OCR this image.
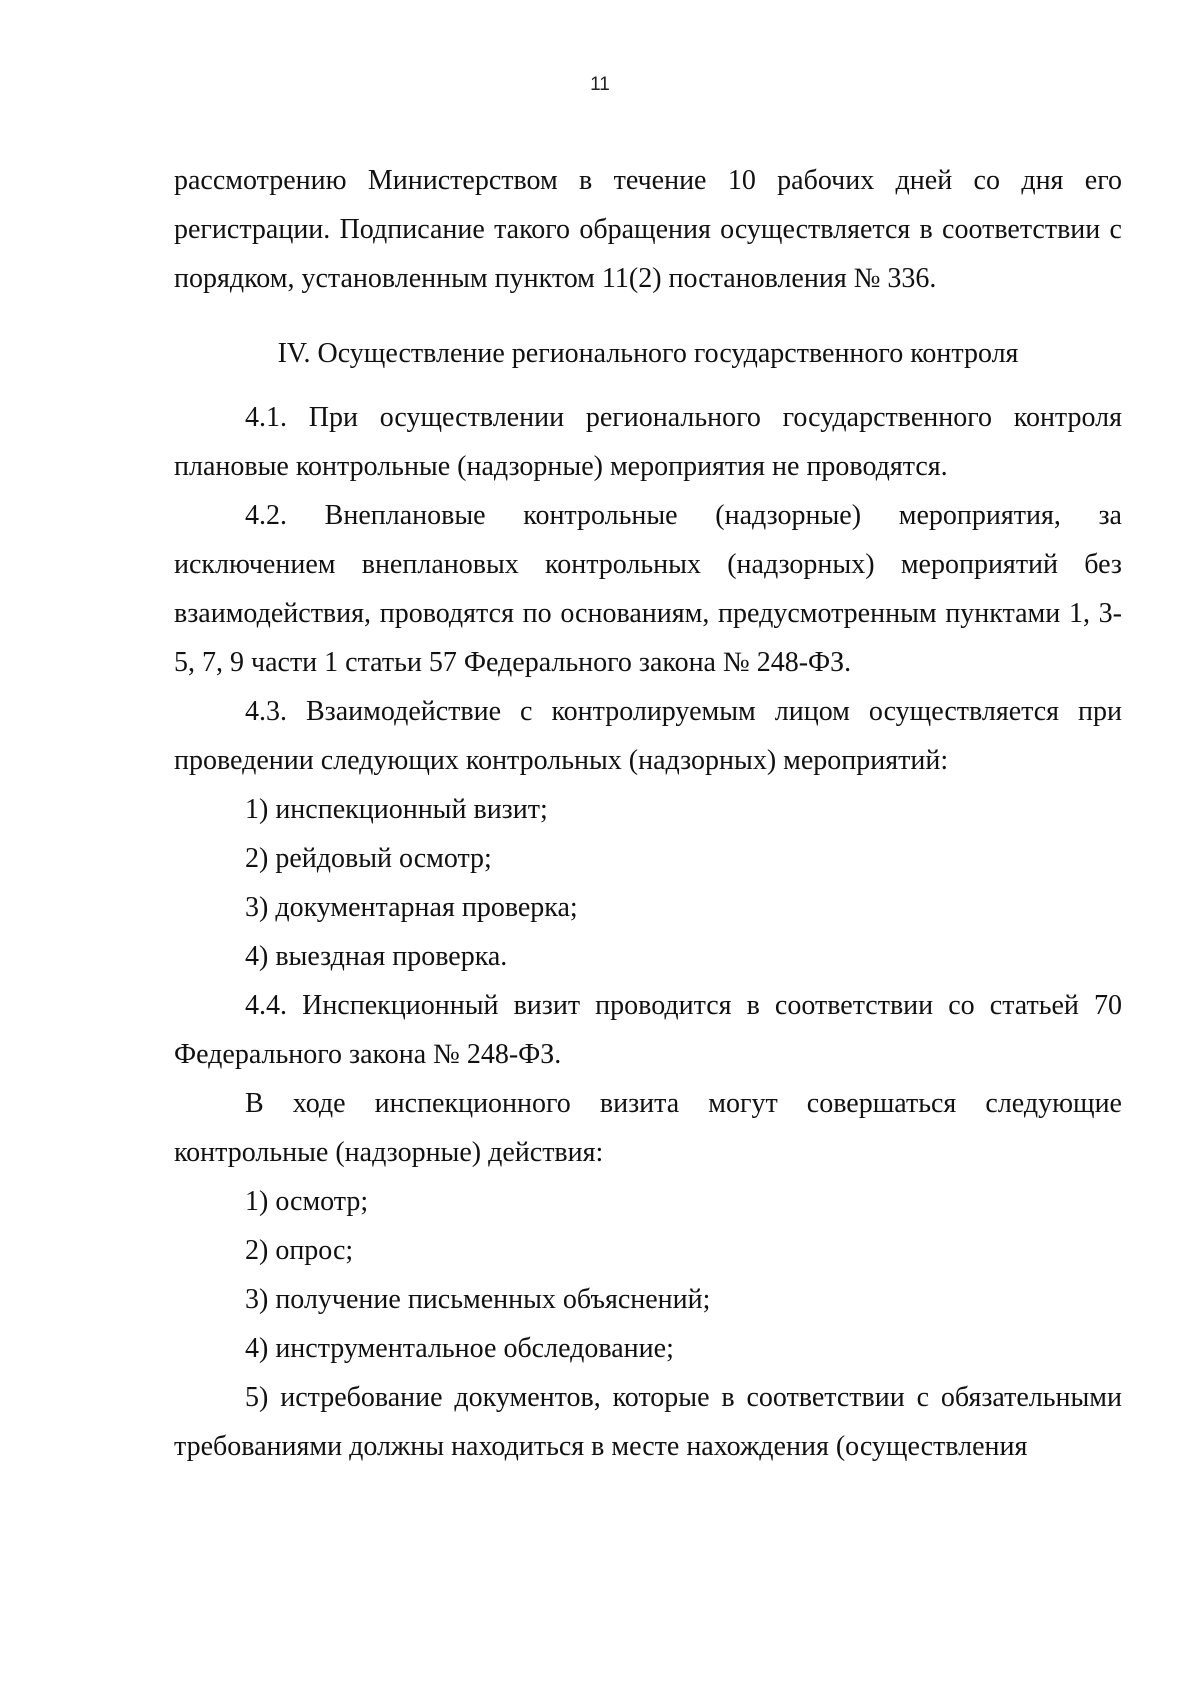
11

рассмотрению Министерством в течение 10 рабочих дней со дня его регистрации. Подписание такого обращения осуществляется в соответствии с порядком, установленным пунктом 11(2) постановления № 336.

IV. Осуществление регионального государственного контроля

4.1. При осуществлении регионального государственного контроля плановые контрольные (надзорные) мероприятия не проводятся.

4.2. Внеплановые контрольные (надзорные) мероприятия, за исключением внеплановых контрольных (надзорных) мероприятий без взаимодействия, проводятся по основаниям, предусмотренным пунктами 1, 3-5, 7, 9 части 1 статьи 57 Федерального закона № 248-ФЗ.

4.3. Взаимодействие с контролируемым лицом осуществляется при проведении следующих контрольных (надзорных) мероприятий:

1) инспекционный визит;

2) рейдовый осмотр;

3) документарная проверка;

4) выездная проверка.

4.4. Инспекционный визит проводится в соответствии со статьей 70 Федерального закона № 248-ФЗ.

В ходе инспекционного визита могут совершаться следующие контрольные (надзорные) действия:

1) осмотр;

2) опрос;

3) получение письменных объяснений;

4) инструментальное обследование;

5) истребование документов, которые в соответствии с обязательными требованиями должны находиться в месте нахождения (осуществления
